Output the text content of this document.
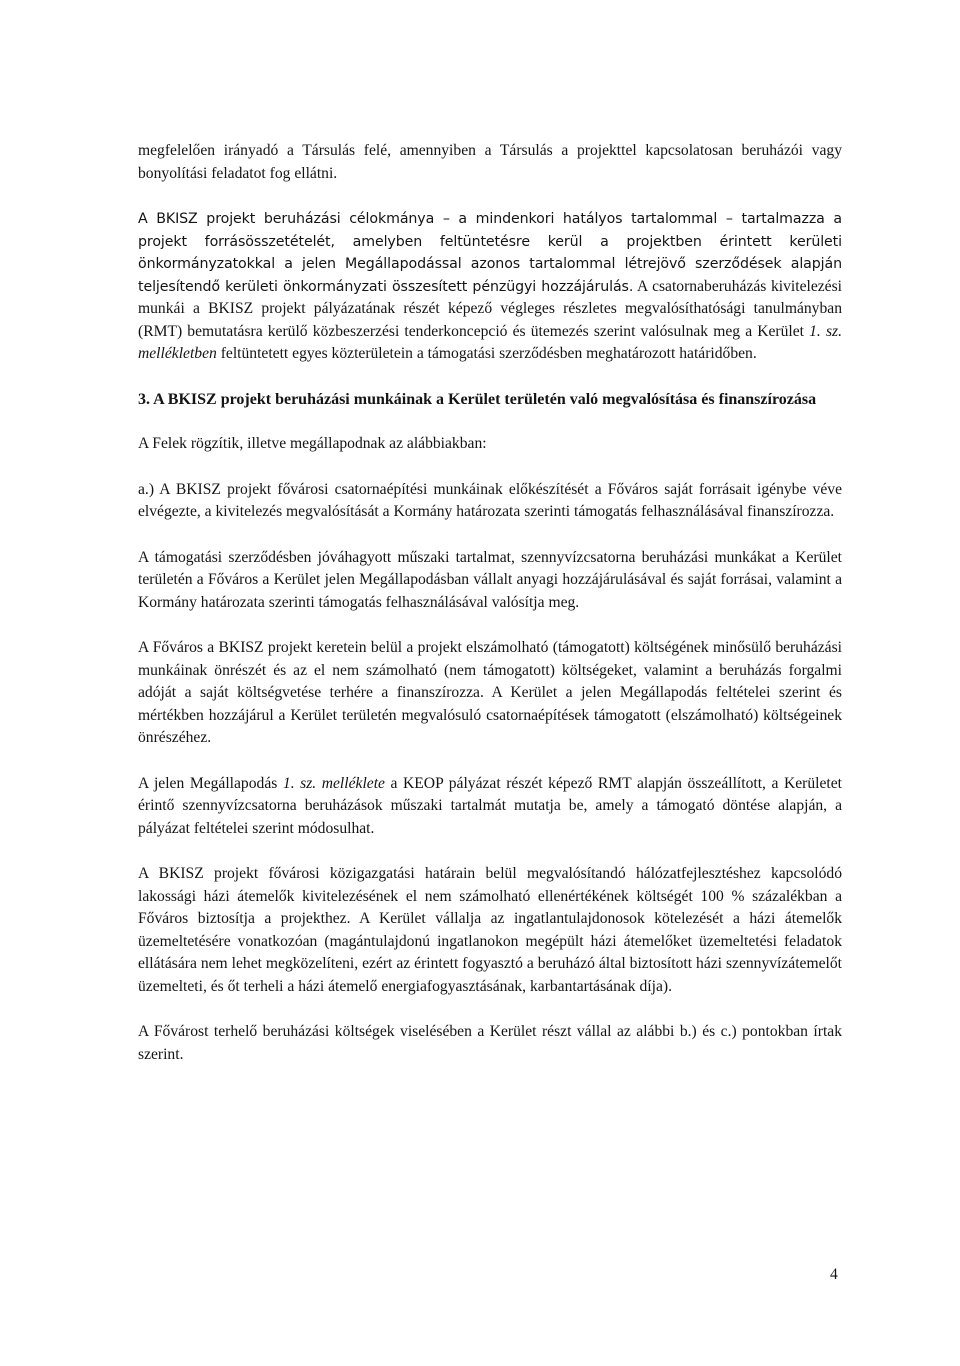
megfelelően irányadó a Társulás felé, amennyiben a Társulás a projekttel kapcsolatosan beruházói vagy bonyolítási feladatot fog ellátni.

A BKISZ projekt beruházási célokmánya – a mindenkori hatályos tartalommal – tartalmazza a projekt forrásösszetételét, amelyben feltüntetésre kerül a projektben érintett kerületi önkormányzatokkal a jelen Megállapodással azonos tartalommal létrejövő szerződések alapján teljesítendő kerületi önkormányzati összesített pénzügyi hozzájárulás. A csatornaberuházás kivitelezési munkái a BKISZ projekt pályázatának részét képező végleges részletes megvalósíthatósági tanulmányban (RMT) bemutatásra kerülő közbeszerzési tenderkoncepció és ütemezés szerint valósulnak meg a Kerület 1. sz. mellékletben feltüntetett egyes közterületein a támogatási szerződésben meghatározott határidőben.

3. A BKISZ projekt beruházási munkáinak a Kerület területén való megvalósítása és finanszírozása

A Felek rögzítik, illetve megállapodnak az alábbiakban:

a.) A BKISZ projekt fővárosi csatornaépítési munkáinak előkészítését a Főváros saját forrásait igénybe véve elvégezte, a kivitelezés megvalósítását a Kormány határozata szerinti támogatás felhasználásával finanszírozza.

A támogatási szerződésben jóváhagyott műszaki tartalmat, szennyvízcsatorna beruházási munkákat a Kerület területén a Főváros a Kerület jelen Megállapodásban vállalt anyagi hozzájárulásával és saját forrásai, valamint a Kormány határozata szerinti támogatás felhasználásával valósítja meg.

A Főváros a BKISZ projekt keretein belül a projekt elszámolható (támogatott) költségének minősülő beruházási munkáinak önrészét és az el nem számolható (nem támogatott) költségeket, valamint a beruházás forgalmi adóját a saját költségvetése terhére a finanszírozza. A Kerület a jelen Megállapodás feltételei szerint és mértékben hozzájárul a Kerület területén megvalósuló csatornaépítések támogatott (elszámolható) költségeinek önrészéhez.

A jelen Megállapodás 1. sz. melléklete a KEOP pályázat részét képező RMT alapján összeállított, a Kerületet érintő szennyvízcsatorna beruházások műszaki tartalmát mutatja be, amely a támogató döntése alapján, a pályázat feltételei szerint módosulhat.

A BKISZ projekt fővárosi közigazgatási határain belül megvalósítandó hálózatfejlesztéshez kapcsolódó lakossági házi átemelők kivitelezésének el nem számolható ellenértékének költségét 100 % százalékban a Főváros biztosítja a projekthez. A Kerület vállalja az ingatlantulajdonosok kötelezését a házi átemelők üzemeltetésére vonatkozóan (magántulajdonú ingatlanokon megépült házi átemelőket üzemeltetési feladatok ellátására nem lehet megközelíteni, ezért az érintett fogyasztó a beruházó által biztosított házi szennyvízátemelőt üzemelteti, és őt terheli a házi átemelő energiafogyasztásának, karbantartásának díja).

A Fővárost terhelő beruházási költségek viselésében a Kerület részt vállal az alábbi b.) és c.) pontokban írtak szerint.

4
